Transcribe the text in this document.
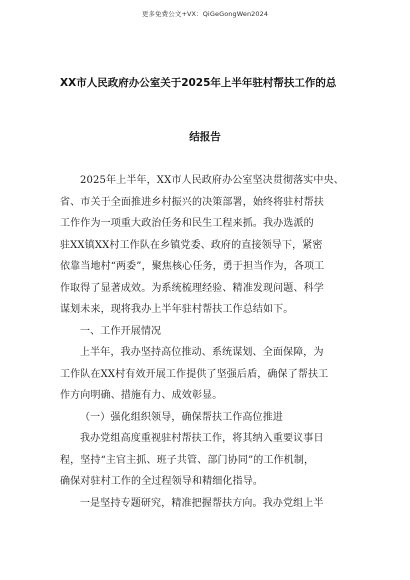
更多免费公文+VX：QiGeGongWen2024
XX市人民政府办公室关于2025年上半年驻村帮扶工作的总
结报告
2025年上半年，XX市人民政府办公室坚决贯彻落实中央、
省、市关于全面推进乡村振兴的决策部署，始终将驻村帮扶
工作作为一项重大政治任务和民生工程来抓。我办选派的
驻XX镇XX村工作队在乡镇党委、政府的直接领导下，紧密
依靠当地村“两委”，聚焦核心任务，勇于担当作为，各项工
作取得了显著成效。为系统梳理经验、精准发现问题、科学
谋划未来，现将我办上半年驻村帮扶工作总结如下。
一、工作开展情况
上半年，我办坚持高位推动、系统谋划、全面保障，为
工作队在XX村有效开展工作提供了坚强后盾，确保了帮扶工
作方向明确、措施有力、成效彰显。
（一）强化组织领导，确保帮扶工作高位推进
我办党组高度重视驻村帮扶工作，将其纳入重要议事日
程，坚持“主官主抓、班子共管、部门协同”的工作机制，
确保对驻村工作的全过程领导和精细化指导。
一是坚持专题研究，精准把握帮扶方向。我办党组上半
